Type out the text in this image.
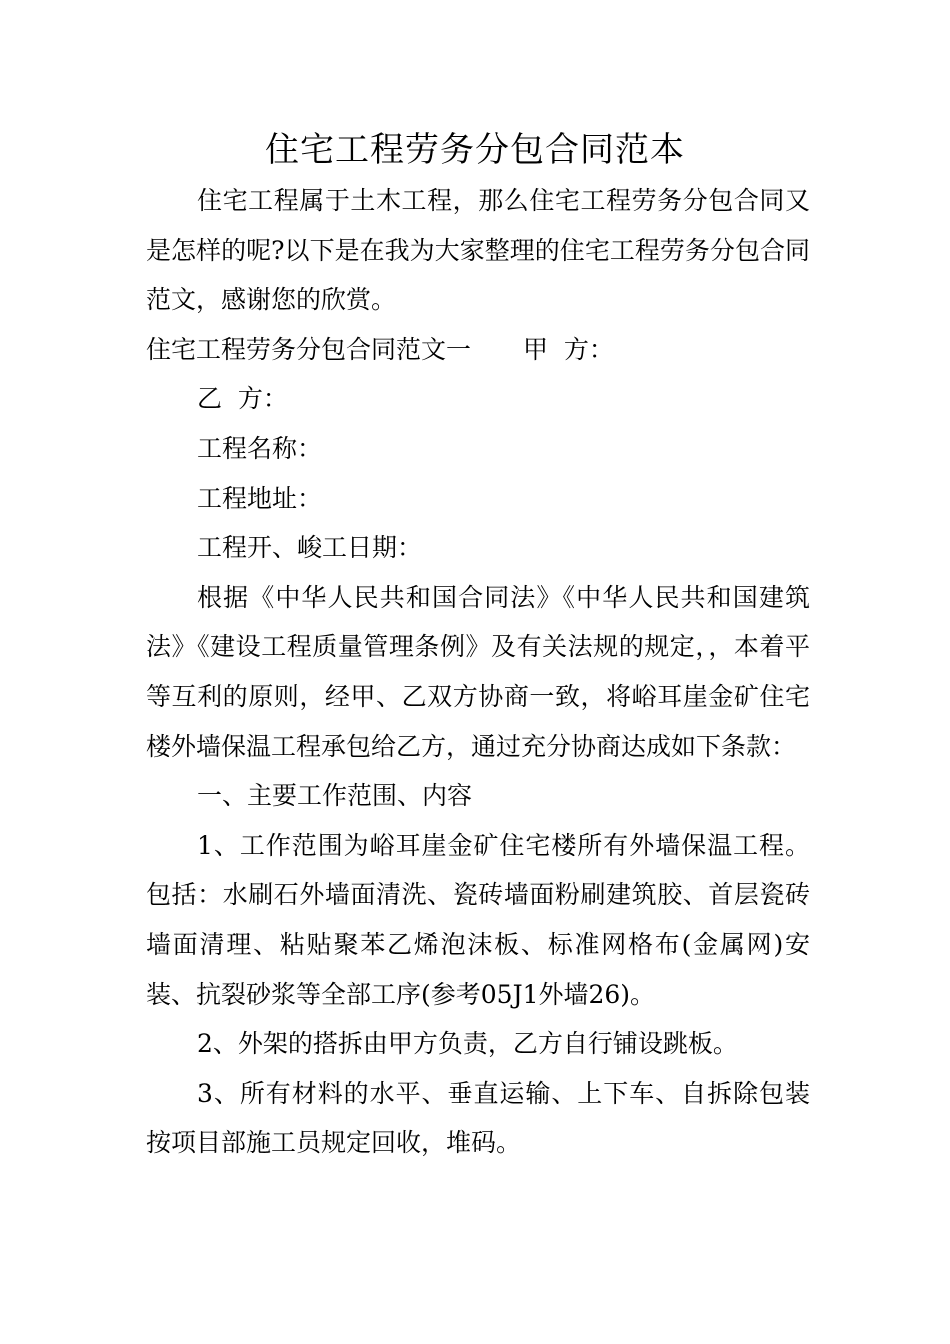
住宅工程劳务分包合同范本

住宅工程属于土木工程，那么住宅工程劳务分包合同又是怎样的呢?以下是在我为大家整理的住宅工程劳务分包合同范文，感谢您的欣赏。

住宅工程劳务分包合同范文一 甲  方：

乙  方：

工程名称：

工程地址：

工程开、峻工日期：

根据《中华人民共和国合同法》《中华人民共和国建筑法》《建设工程质量管理条例》及有关法规的规定，，本着平等互利的原则，经甲、乙双方协商一致，将峪耳崖金矿住宅楼外墙保温工程承包给乙方，通过充分协商达成如下条款：

一、主要工作范围、内容

1、工作范围为峪耳崖金矿住宅楼所有外墙保温工程。包括：水刷石外墙面清洗、瓷砖墙面粉刷建筑胶、首层瓷砖墙面清理、粘贴聚苯乙烯泡沫板、标准网格布(金属网)安装、抗裂砂浆等全部工序(参考05J1外墙26)。

2、外架的搭拆由甲方负责，乙方自行铺设跳板。

3、所有材料的水平、垂直运输、上下车、自拆除包装按项目部施工员规定回收，堆码。
